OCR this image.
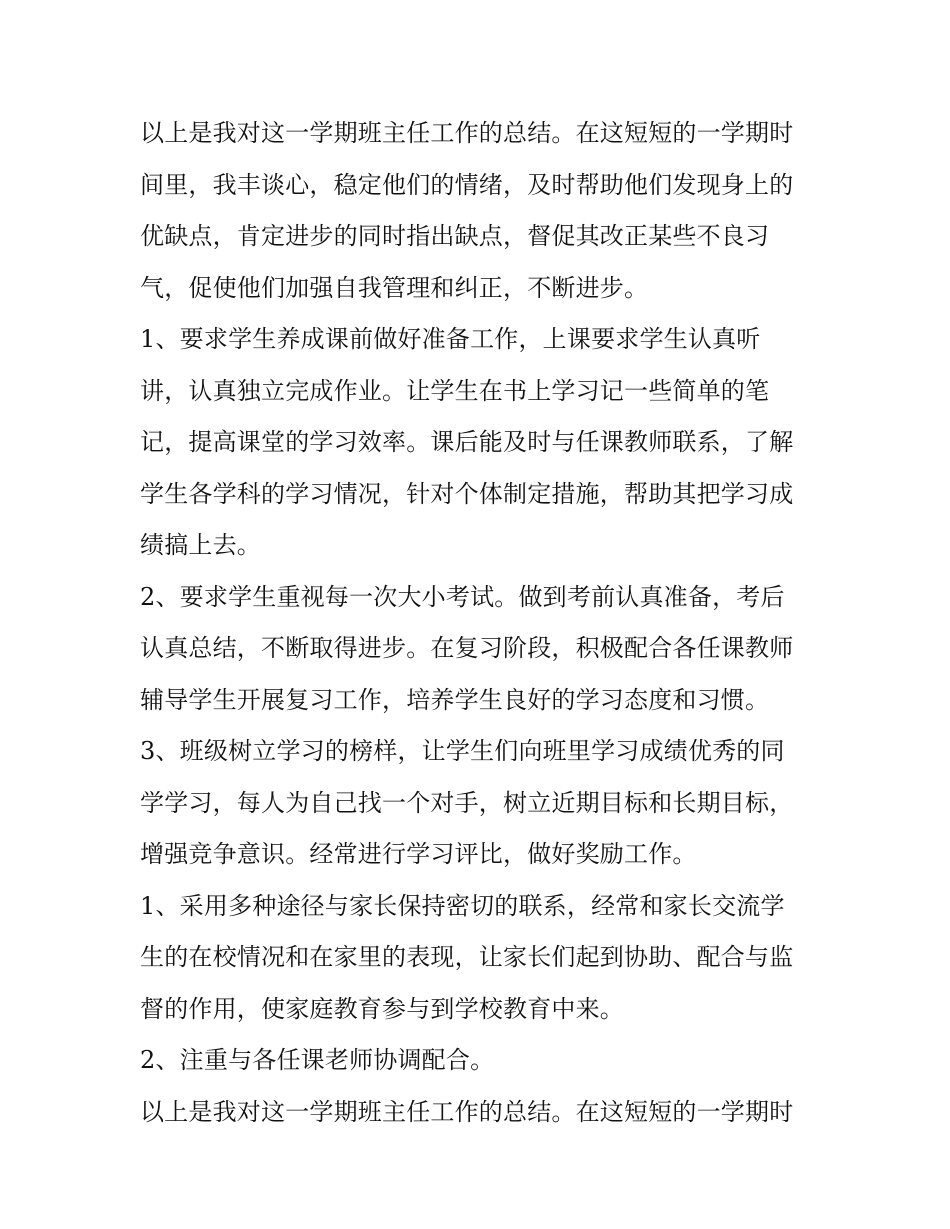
以上是我对这一学期班主任工作的总结。在这短短的一学期时
间里，我丰谈心，稳定他们的情绪，及时帮助他们发现身上的
优缺点，肯定进步的同时指出缺点，督促其改正某些不良习
气，促使他们加强自我管理和纠正，不断进步。
1、要求学生养成课前做好准备工作，上课要求学生认真听
讲，认真独立完成作业。让学生在书上学习记一些简单的笔
记，提高课堂的学习效率。课后能及时与任课教师联系，了解
学生各学科的学习情况，针对个体制定措施，帮助其把学习成
绩搞上去。
2、要求学生重视每一次大小考试。做到考前认真准备，考后
认真总结，不断取得进步。在复习阶段，积极配合各任课教师
辅导学生开展复习工作，培养学生良好的学习态度和习惯。
3、班级树立学习的榜样，让学生们向班里学习成绩优秀的同
学学习，每人为自己找一个对手，树立近期目标和长期目标，
增强竞争意识。经常进行学习评比，做好奖励工作。
1、采用多种途径与家长保持密切的联系，经常和家长交流学
生的在校情况和在家里的表现，让家长们起到协助、配合与监
督的作用，使家庭教育参与到学校教育中来。
2、注重与各任课老师协调配合。
以上是我对这一学期班主任工作的总结。在这短短的一学期时
